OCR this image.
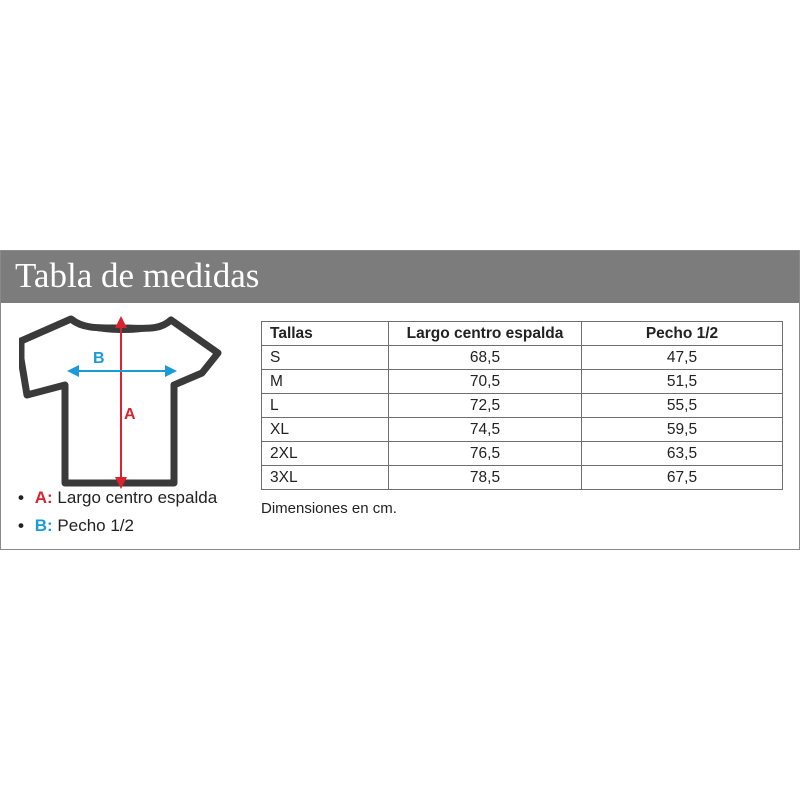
Tabla de medidas
A
B
• A: Largo centro espalda
• B: Pecho 1/2
Tallas	Largo centro espalda	Pecho 1/2
S	68,5	47,5
M	70,5	51,5
L	72,5	55,5
XL	74,5	59,5
2XL	76,5	63,5
3XL	78,5	67,5
Dimensiones en cm.
